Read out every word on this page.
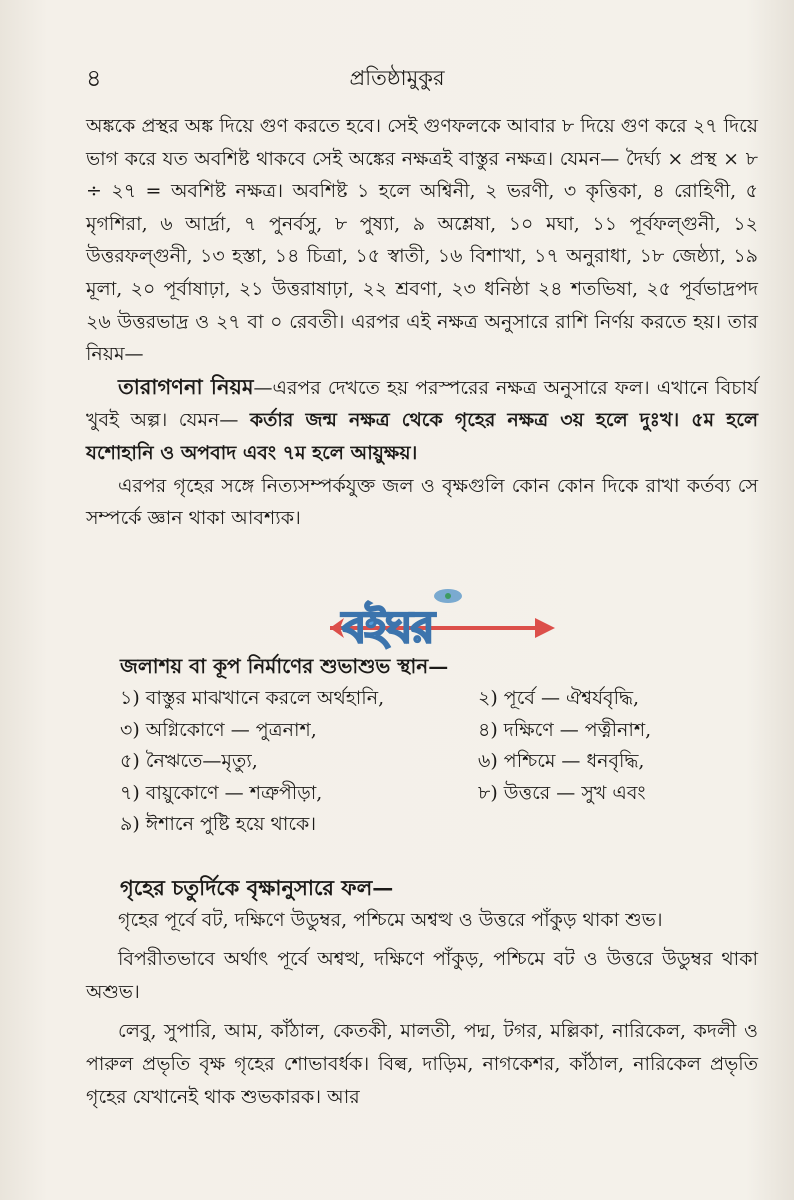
৪	প্রতিষ্ঠামুকুর

অঙ্ককে প্রস্থর অঙ্ক দিয়ে গুণ করতে হবে। সেই গুণফলকে আবার ৮ দিয়ে গুণ করে ২৭ দিয়ে ভাগ করে যত অবশিষ্ট থাকবে সেই অঙ্কের নক্ষত্রই বাস্তুর নক্ষত্র। যেমন— দৈর্ঘ্য × প্রস্থ × ৮ ÷ ২৭ = অবশিষ্ট নক্ষত্র। অবশিষ্ট ১ হলে অশ্বিনী, ২ ভরণী, ৩ কৃত্তিকা, ৪ রোহিণী, ৫ মৃগশিরা, ৬ আর্দ্রা, ৭ পুনর্বসু, ৮ পুষ্যা, ৯ অশ্লেষা, ১০ মঘা, ১১ পূর্বফল্গুনী, ১২ উত্তরফল্গুনী, ১৩ হস্তা, ১৪ চিত্রা, ১৫ স্বাতী, ১৬ বিশাখা, ১৭ অনুরাধা, ১৮ জেষ্ঠ্যা, ১৯ মূলা, ২০ পূর্বাষাঢ়া, ২১ উত্তরাষাঢ়া, ২২ শ্রবণা, ২৩ ধনিষ্ঠা ২৪ শতভিষা, ২৫ পূর্বভাদ্রপদ ২৬ উত্তরভাদ্র ও ২৭ বা ০ রেবতী। এরপর এই নক্ষত্র অনুসারে রাশি নির্ণয় করতে হয়। তার নিয়ম—

তারাগণনা নিয়ম—এরপর দেখতে হয় পরস্পরের নক্ষত্র অনুসারে ফল। এখানে বিচার্য খুবই অল্প। যেমন— কর্তার জন্ম নক্ষত্র থেকে গৃহের নক্ষত্র ৩য় হলে দুঃখ। ৫ম হলে যশোহানি ও অপবাদ এবং ৭ম হলে আয়ুক্ষয়।

এরপর গৃহের সঙ্গে নিত্যসম্পর্কযুক্ত জল ও বৃক্ষগুলি কোন কোন দিকে রাখা কর্তব্য সে সম্পর্কে জ্ঞান থাকা আবশ্যক।

জলাশয় বা কূপ নির্মাণের শুভাশুভ স্থান—
১) বাস্তুর মাঝখানে করলে অর্থহানি,	২) পূর্বে — ঐশ্বর্যবৃদ্ধি,
৩) অগ্নিকোণে — পুত্রনাশ,	৪) দক্ষিণে — পত্নীনাশ,
৫) নৈঋতে—মৃত্যু,	৬) পশ্চিমে — ধনবৃদ্ধি,
৭) বায়ুকোণে — শত্রুপীড়া,	৮) উত্তরে — সুখ এবং
৯) ঈশানে পুষ্টি হয়ে থাকে।
গৃহের চতুর্দিকে বৃক্ষানুসারে ফল—

গৃহের পূর্বে বট, দক্ষিণে উডুম্বর, পশ্চিমে অশ্বত্থ ও উত্তরে পাঁকুড় থাকা শুভ।

বিপরীতভাবে অর্থাৎ পূর্বে অশ্বত্থ, দক্ষিণে পাঁকুড়, পশ্চিমে বট ও উত্তরে উডুম্বর থাকা অশুভ।

লেবু, সুপারি, আম, কাঁঠাল, কেতকী, মালতী, পদ্ম, টগর, মল্লিকা, নারিকেল, কদলী ও পারুল প্রভৃতি বৃক্ষ গৃহের শোভাবর্ধক। বিল্ব, দাড়িম, নাগকেশর, কাঁঠাল, নারিকেল প্রভৃতি গৃহের যেখানেই থাক শুভকারক। আর

বইঘর
